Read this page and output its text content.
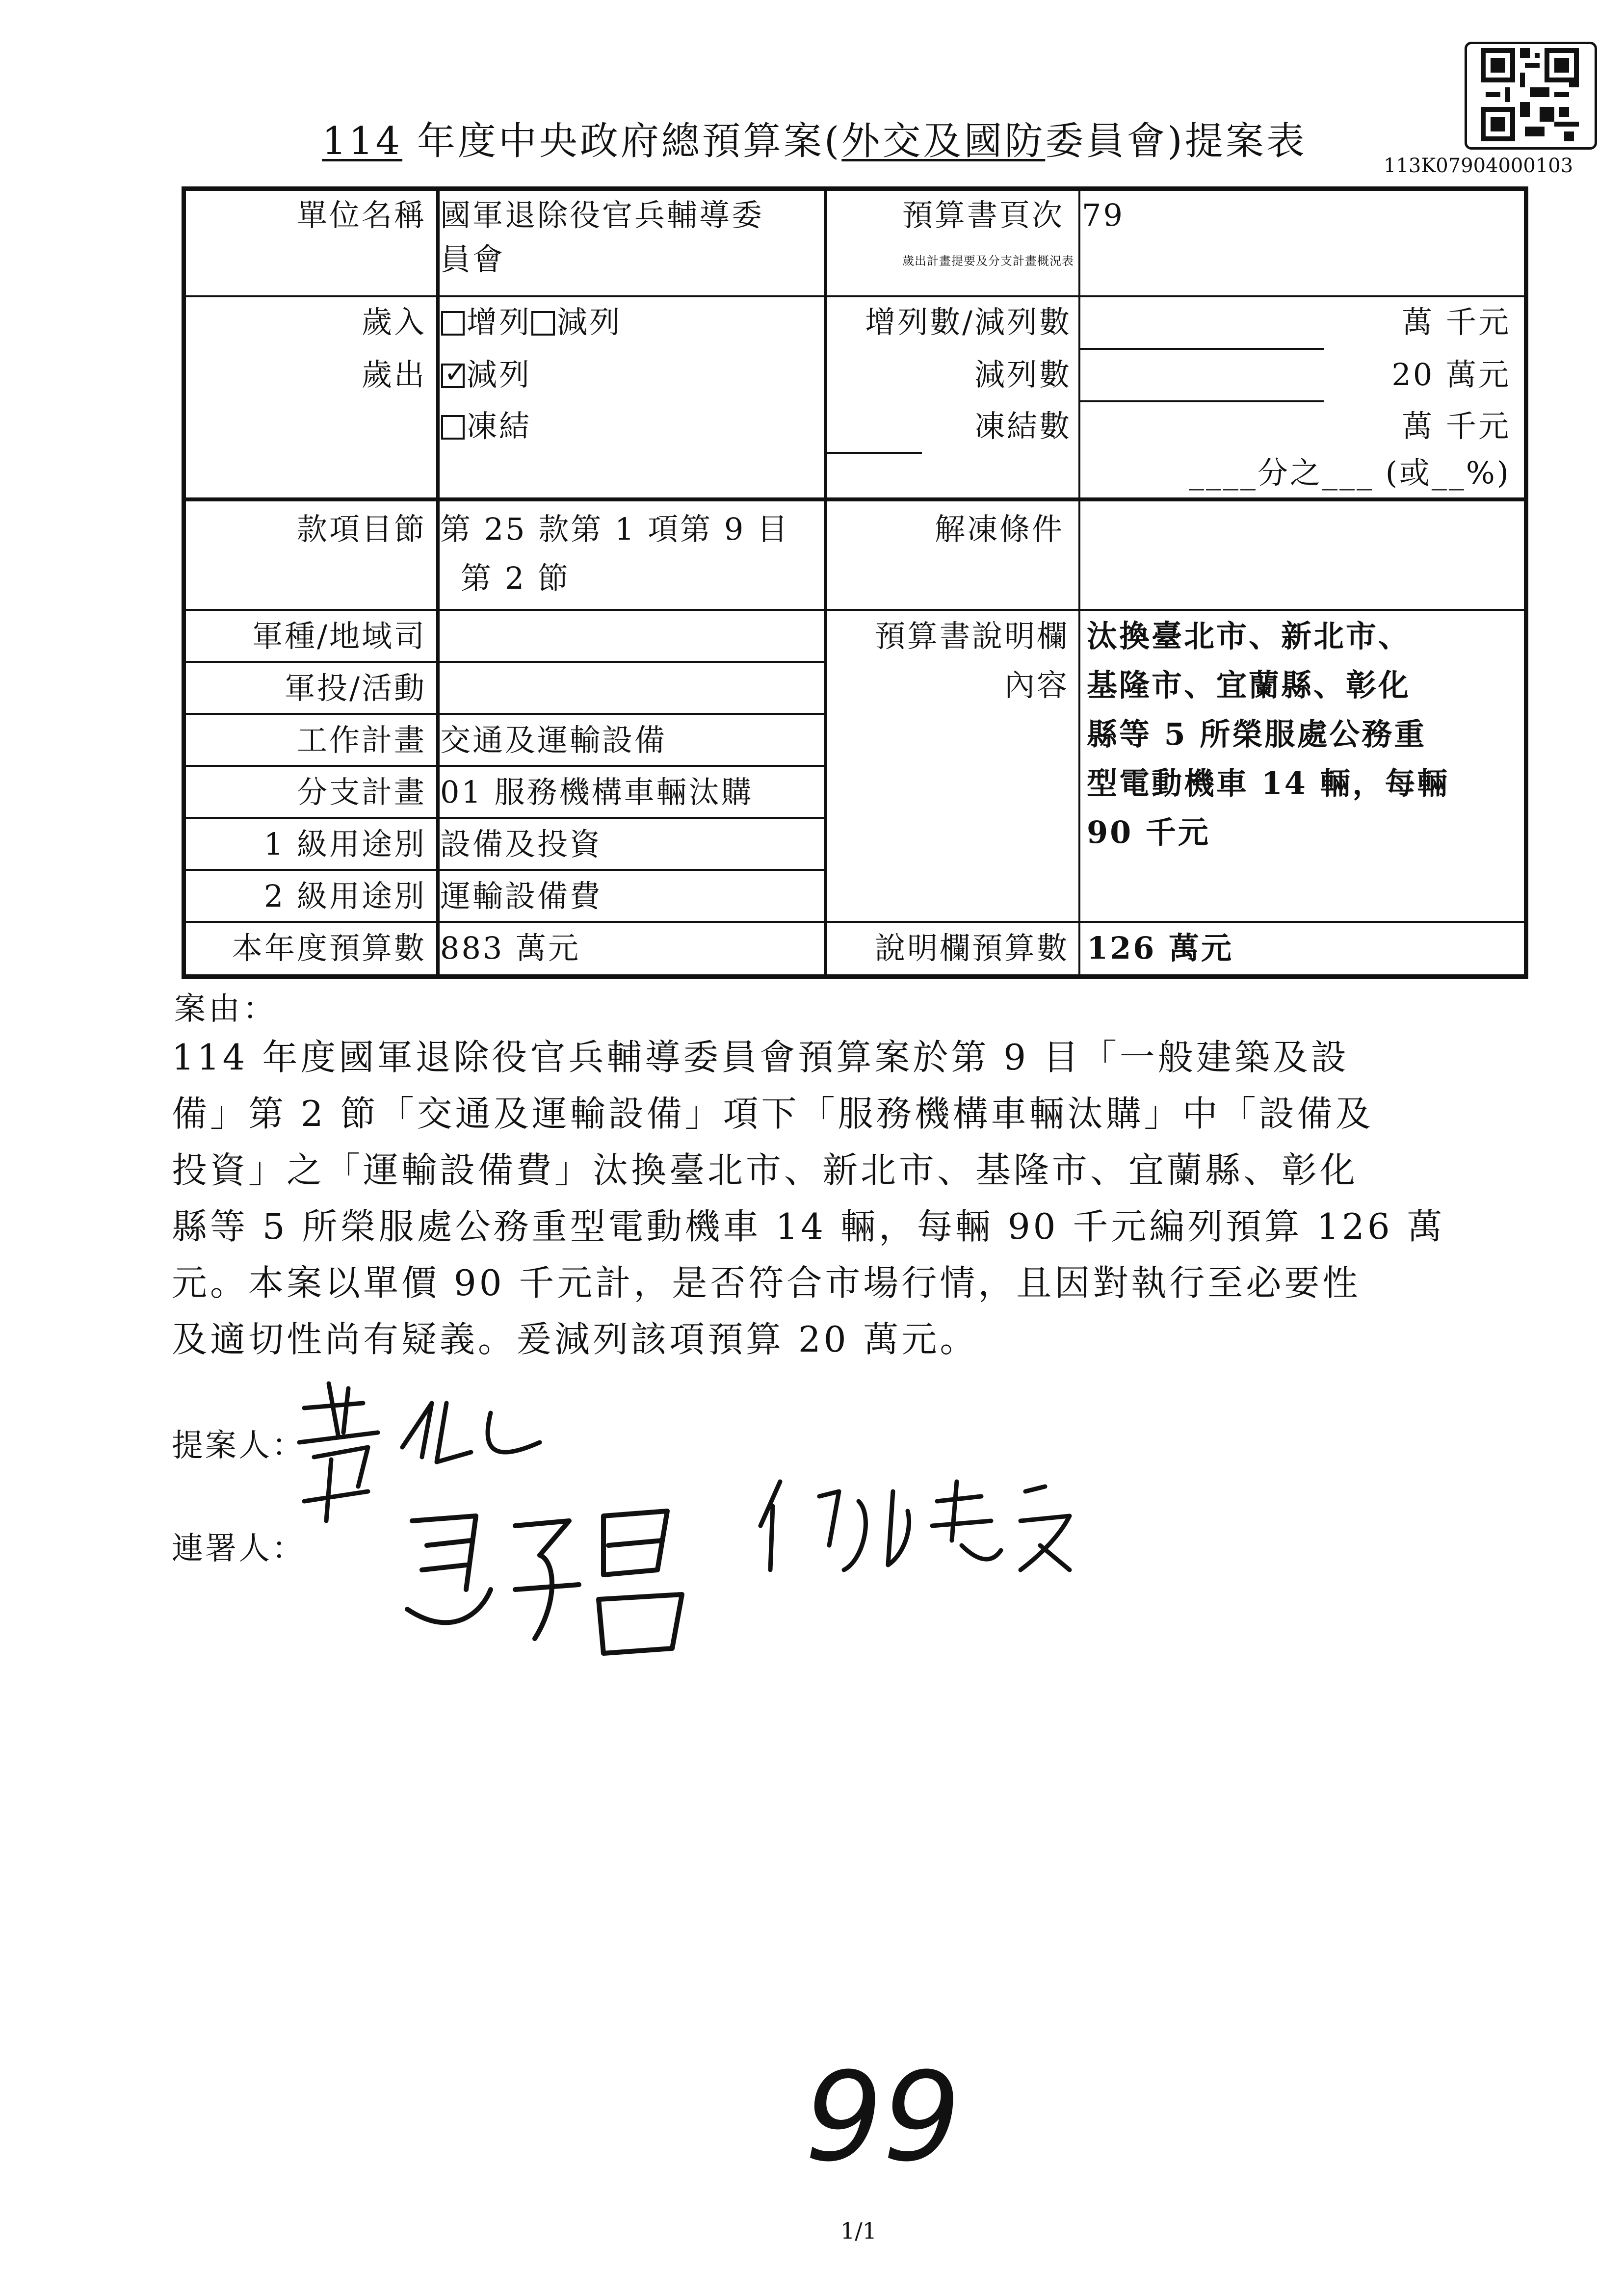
113K07904000103
114 年度中央政府總預算案(外交及國防委員會)提案表
單位名稱 國軍退除役官兵輔導委
員會
預算書頁次
歲出計畫提要及分支計畫概況表
79
歲入	增列 減列	增列數/減列數	萬 千元
歲出
✓	減列	減列數	20 萬元
凍結	凍結數	萬 千元
____分之___ (或__%)
款項目節 第 25 款第 1 項第 9 目
第 2 節
解凍條件
軍種/地域司
軍投/活動
工作計畫 交通及運輸設備
分支計畫 01 服務機構車輛汰購
1 級用途別 設備及投資
2 級用途別 運輸設備費
預算書說明欄
內容
汰換臺北市、新北市、
基隆市、宜蘭縣、彰化
縣等 5 所榮服處公務重
型電動機車 14 輛，每輛
90 千元
本年度預算數 883 萬元	說明欄預算數 126 萬元
案由：
114 年度國軍退除役官兵輔導委員會預算案於第 9 目「一般建築及設
備」第 2 節「交通及運輸設備」項下「服務機構車輛汰購」中「設備及
投資」之「運輸設備費」汰換臺北市、新北市、基隆市、宜蘭縣、彰化
縣等 5 所榮服處公務重型電動機車 14 輛，每輛 90 千元編列預算 126 萬
元。本案以單價 90 千元計，是否符合市場行情，且因對執行至必要性
及適切性尚有疑義。爰減列該項預算 20 萬元。
提案人：
連署人：
99
1/1
